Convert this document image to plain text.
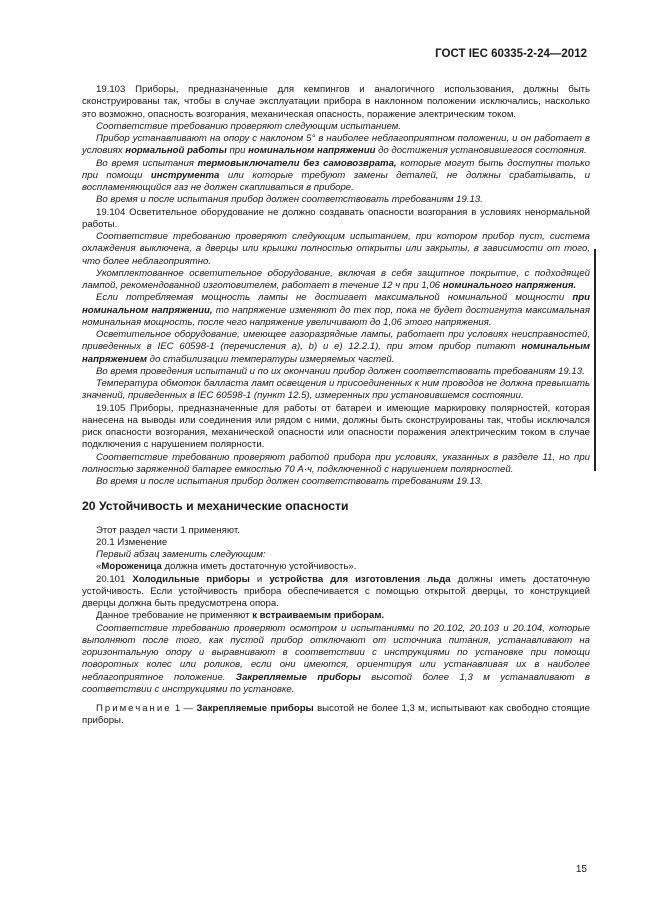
ГОСТ IEC 60335-2-24—2012

19.103 Приборы, предназначенные для кемпингов и аналогичного использования, должны быть сконструированы так, чтобы в случае эксплуатации прибора в наклонном положении исключались, насколько это возможно, опасность возгорания, механическая опасность, поражение электрическим током.

Соответствие требованию проверяют следующим испытанием.

Прибор устанавливают на опору с наклоном 5° в наиболее неблагоприятном положении, и он работает в условиях нормальной работы при номинальном напряжении до достижения установившегося состояния.

Во время испытания термовыключатели без самовозврата, которые могут быть доступны только при помощи инструмента или которые требуют замены деталей, не должны срабатывать, и воспламеняющийся газ не должен скапливаться в приборе.

Во время и после испытания прибор должен соответствовать требованиям 19.13.

19.104 Осветительное оборудование не должно создавать опасности возгорания в условиях ненормальной работы.

Соответствие требованию проверяют следующим испытанием, при котором прибор пуст, система охлаждения выключена, а дверцы или крышки полностью открыты или закрыты, в зависимости от того, что более неблагоприятно.

Укомплектованное осветительное оборудование, включая в себя защитное покрытие, с подходящей лампой, рекомендованной изготовителем, работает в течение 12 ч при 1,06 номинального напряжения.

Если потребляемая мощность лампы не достигает максимальной номинальной мощности при номинальном напряжении, то напряжение изменяют до тех пор, пока не будет достигнута максимальная номинальная мощность, после чего напряжение увеличивают до 1,06 этого напряжения.

Осветительное оборудование, имеющее газоразрядные лампы, работает при условиях неисправностей, приведенных в IEC 60598-1 (перечисления а), b) и е) 12.2.1), при этом прибор питают номинальным напряжением до стабилизации температуры измеряемых частей.

Во время проведения испытаний и по их окончании прибор должен соответствовать требованиям 19.13.

Температура обмоток балласта ламп освещения и присоединенных к ним проводов не должна превышать значений, приведенных в IEC 60598-1 (пункт 12.5), измеренных при установившемся состоянии.

19.105 Приборы, предназначенные для работы от батареи и имеющие маркировку полярностей, которая нанесена на выводы или соединения или рядом с ними, должны быть сконструированы так, чтобы исключался риск опасности возгорания, механической опасности или опасности поражения электрическим током в случае подключения с нарушением полярности.

Соответствие требованию проверяют работой прибора при условиях, указанных в разделе 11, но при полностью заряженной батарее емкостью 70 А·ч, подключенной с нарушением полярностей.

Во время и после испытания прибор должен соответствовать требованиям 19.13.

20 Устойчивость и механические опасности

Этот раздел части 1 применяют.

20.1 Изменение

Первый абзац заменить следующим:

«Мороженица должна иметь достаточную устойчивость».

20.101 Холодильные приборы и устройства для изготовления льда должны иметь достаточную устойчивость. Если устойчивость прибора обеспечивается с помощью открытой дверцы, то конструкцией дверцы должна быть предусмотрена опора.

Данное требование не применяют к встраиваемым приборам.

Соответствие требованию проверяют осмотром и испытаниями по 20.102, 20.103 и 20.104, которые выполняют после того, как пустой прибор отключают от источника питания, устанавливают на горизонтальную опору и выравнивают в соответствии с инструкциями по установке при помощи поворотных колес или роликов, если они имеются, ориентируя или устанавливая их в наиболее неблагоприятное положение. Закрепляемые приборы высотой более 1,3 м устанавливают в соответствии с инструкциями по установке.

Примечание 1 — Закрепляемые приборы высотой не более 1,3 м, испытывают как свободно стоящие приборы.

15
